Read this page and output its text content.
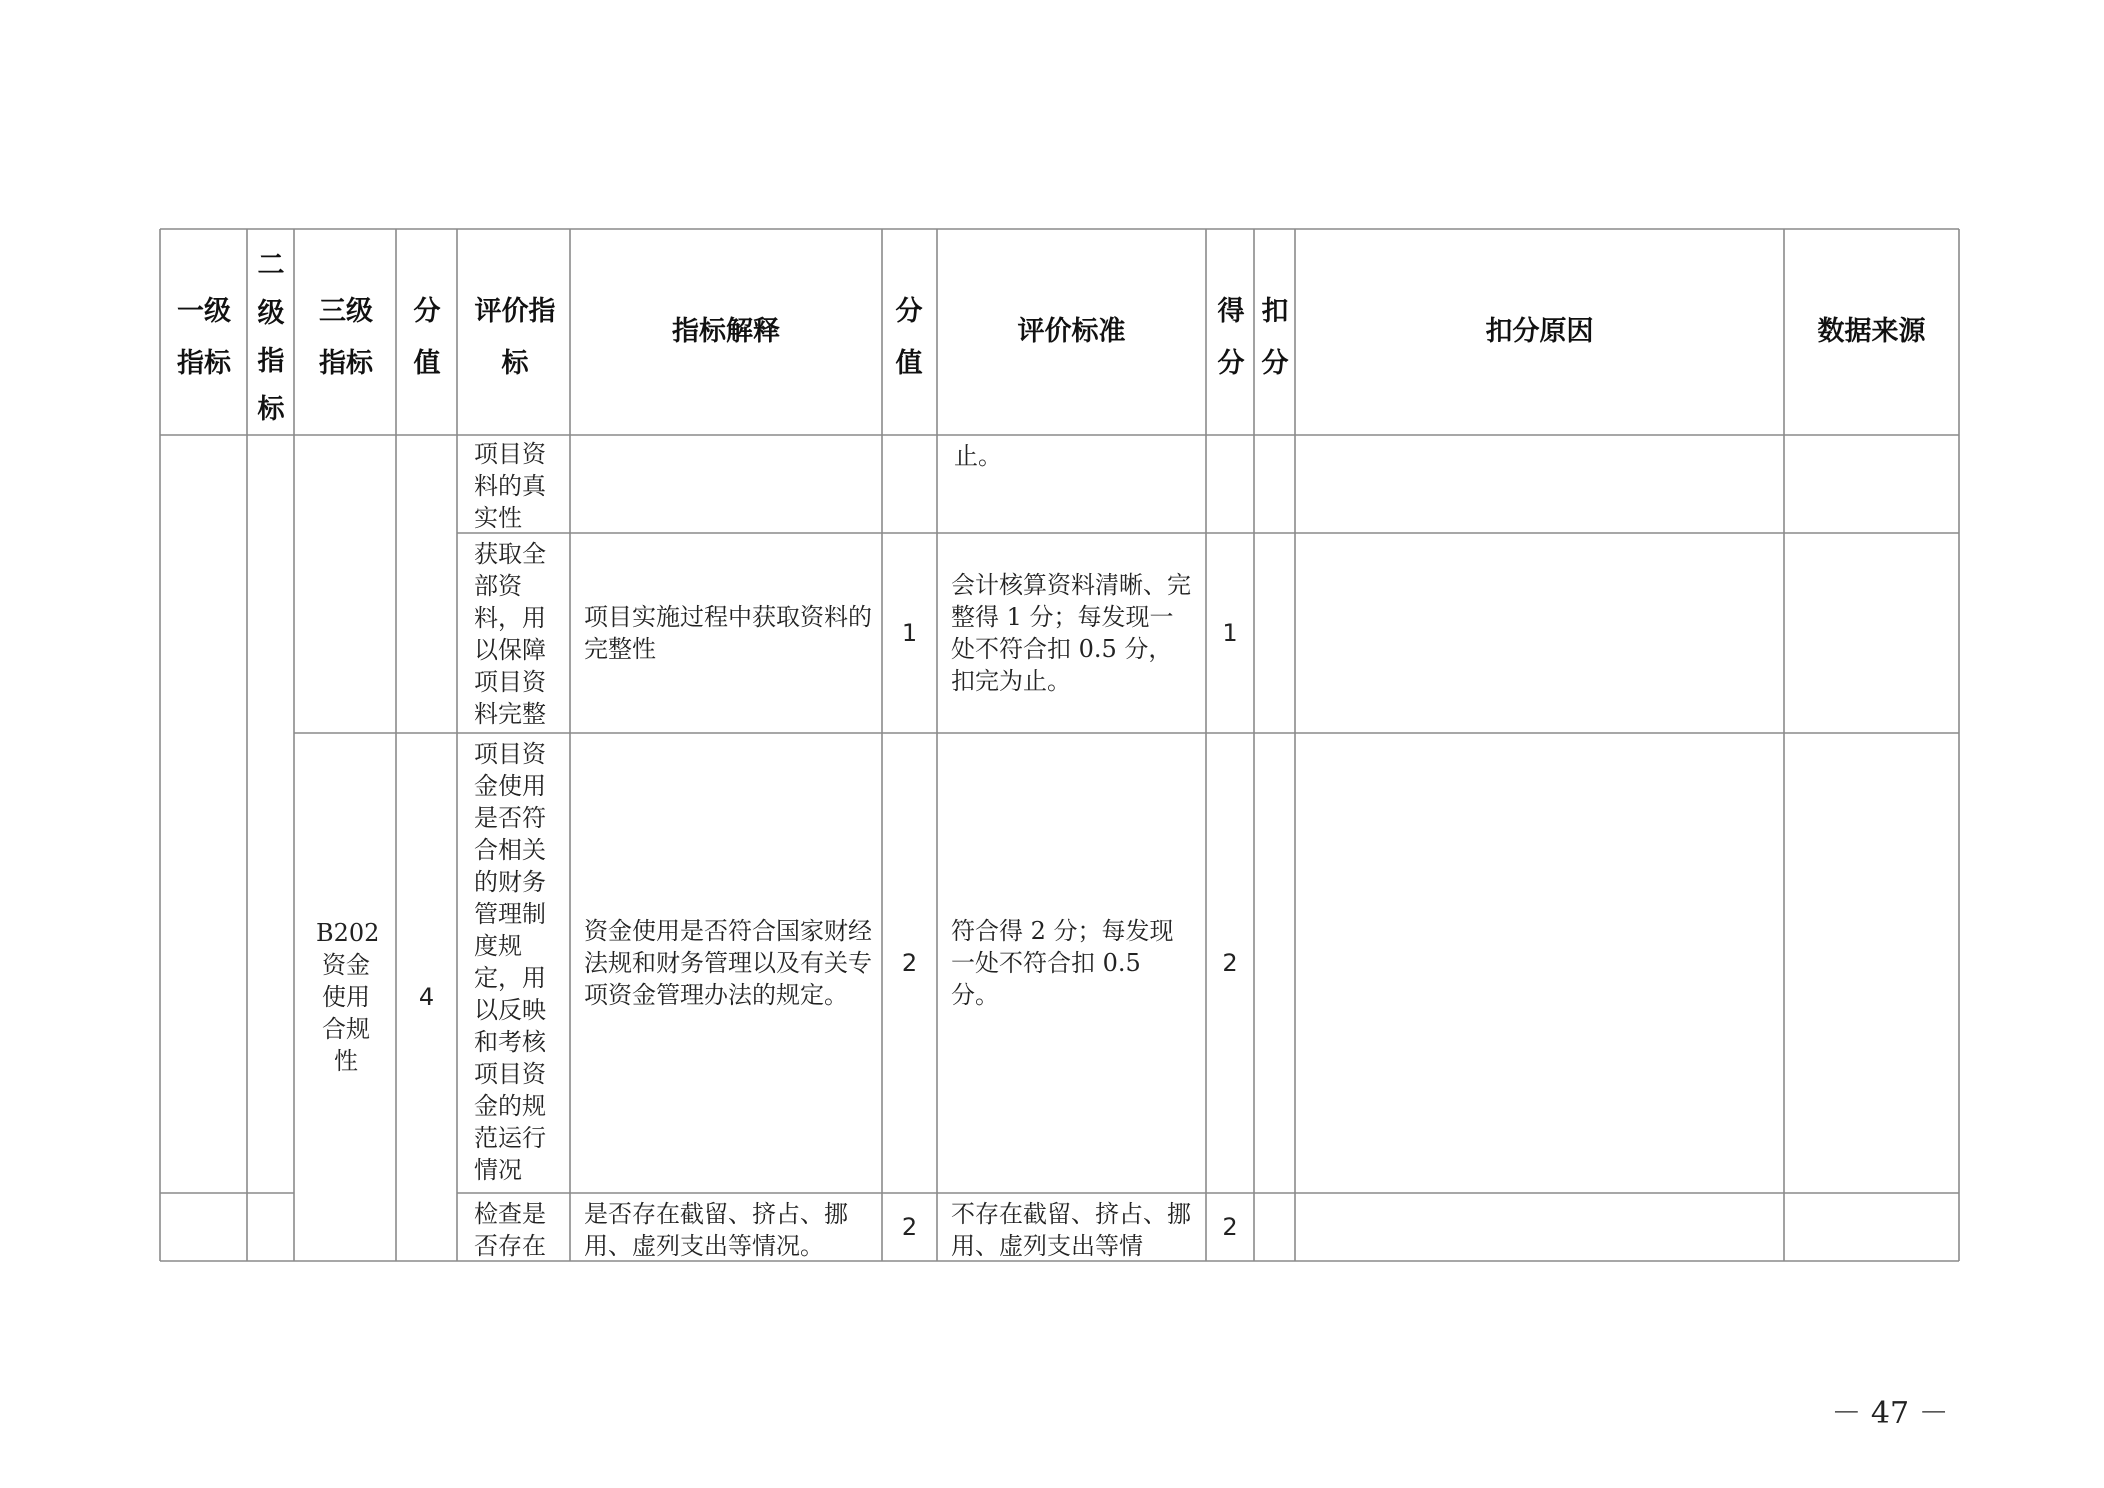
一级指标
二级指标
三级指标
分值
评价指标
指标解释
分值
评价标准
得分
扣分
扣分原因	数据来源
项目资料的真实性
止。
获取全部资料，用以保障项目资料完整
项目实施过程中获取资料的完整性
1
会计核算资料清晰、完整得 1 分；每发现一处不符合扣 0.5 分，扣完为止。
1
B202资金使用合规性
4
项目资金使用是否符合相关的财务管理制度规定，用以反映和考核项目资金的规范运行情况
资金使用是否符合国家财经法规和财务管理以及有关专项资金管理办法的规定。
2
符合得 2 分；每发现一处不符合扣 0.5 分。
2
检查是否存在
是否存在截留、挤占、挪用、虚列支出等情况。
2 不存在截留、挤占、挪用、虚列支出等情
2
－ 47 －
